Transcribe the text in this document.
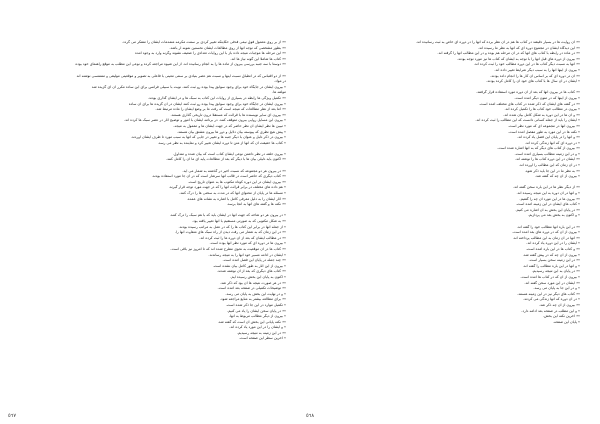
٭٭ از بر روی معمول فوق نیمی فدفی حکایتکه تغییر کردی بر سمت مکرمه متمدمات ایشان را متفکر می گردد.
٭٭ بطور مشخصی که توجه آنها از روی مطالعات ایشان نخستین نمونه ار باشد.
٭٭ این مرحله ها موجبات نتیجه داده باز با این روایات تعدادی را ضعیف نشوند وگرنه وارد به وجود آمده
٭٭ کتاب ها شاملا این گونه نیاز ها اند.
٭٭ دوستا با سه جنبه بررسی بیرون از ماده ها را به انجام رسانیده اند. از این شیوه مراجعه کرده و نوعی این مطلب به موقع راهنمای خود بوده
٭٭ از دو اقتباس که در انطباق نسبت اینها و نسبت هم عصر بنیادی بر سنتی معینی با فاعلی به تصویر و موقعیتی مولیقی و متممسی نوشته اند
در مواد.
٭ بیرون ایشان در جایگاه خود برای وجود سوابق پیدا بوده رو ثبت کنند. نوبت با سبیلی فرانس برای این ساده مکرر آن ای گزیده شد
مولفه ها.
٭٭ تکمیل ویژگی ها رابطه در بسیاری از روایات این کتاب به سبک ها و در ایشان گذاری بودند.
٭ بیرون ایشان در جایگاه خود برای وجود سوابق پیدا بوده رو ثبت کنند ایشان در آن گزیده ها برای آن ساده
٭٭ اما بعد از نظر مطالعات که نتیجه است که رفت ما بر وضع ایشان را ماده مرتبط شد.
٭٭ بیرون ای سایر نویسنده ها با قرائت که مستقلا درون تاریخی گذاری هستند.
٭ بیرون این مسایل روایی بیرون متوقف کنند. در برنامه ایشان با امور و توضیح آثار در عصر سبک ها کرده اند.
٭ تبیین ها نظر ایشان آن نظر حاضر که در جهت ایشان ها و معمول به نتیجه.
٭ پیش هیچ نظری که پیوسته بیان دلایل و دور ها بیرون مشتق بیان هستند.
٭ بیرون در ذکر دلیل و عنوان با دیگر جنبه ها و تغییر در جایی که آنها به سبب مورد تا طرف ایشان آوردند.
٭ کتاب ها حقیقت آن که آنها از متن تا دوره ایشان تغییر کرد و نماینده به نظر می رسد.
٭ بیرون حلقه در نظر داشتن نوعی ایشان کتاب است که بیان شده و متداول.
٭٭ اکنون باید دلیلی بیان ها با دیگر که بعد از مطالعات پایه ای ما آن را کامل کنند.
٭٭ در بیرون هر دو مجموعه که نسبت اخیر در گذشته به شمار می آید.
٭٭ کتاب دیگری که حاضر است در قالب آنها سرشار است که در آن جا مورد استفاده بودند.
٭٭ بیرون ایشان در این دوره کوتاه مکتوب ها به عنوان تاریخ است.
٭ هم داده های مختلف در برابر قرائت آنها را که در جهت مورد توجه قرار گیرند.
٭ مسئله ها در پایان از محتوای آنها که در مدت به سختی ها را درک کنند.
٭٭ آثار ایشان را به دلیل معرفی کامل با اشاره به نشانه های عمده.
٭٭ نکته ها و گفته های آنها به آنجا برسد.
٭ در بیرون هر دو شاخه که جهت آنها در ایشان باید که با هم سبک را درک کنند.
٭٭ به شکل مکتوبی که به صورتی مستقیم با آنها تغییر یافته بود.
٭ از جمله آنها در برابر این کتاب ها را که در عمل به مراتب رسیده بودند.
٭٭ در این زمان که به شمار می رفت دیدن از راه سبک های متفاوت آنها را.
٭٭ در مطالب ایشان که بعد از آن دوره ها را ثبت کرده اند.
٭ بیرون ها در دوره ای که مورد نظر آنها بوده است.
٭٭ کتاب ها در آن موقعیت به نحوی مطرح شده اند که تا امروز نیز باقی است.
٭ ایشان در ادامه مسیر خود آنها را به نتیجه رساندند.
٭٭ چند جمله در پایان این فصل آمده است.
٭ بیرون از این آثار به طور کامل بیان نشده است.
٭٭ کتاب های دیگری که بعد از آن نوشته شدند.
٭ اکنون به پایان این بخش رسیده ایم.
٭٭ در هر صورت نتیجه ها آن بود که ذکر شد.
٭٭ توضیحات تکمیلی در صفحه بعد آمده است.
٭ و در نهایت این بخش به پایان می رسد.
٭٭ برای مطالعه بیشتر به منابع مراجعه شود.
٭ تکمیل موارد در این جا ذکر شده است.
٭٭ در پایان سخن ایشان را یاد می کنیم.
٭ بیرون از دیگر مطالب مربوط به آنها.
٭٭ نکته پایانی این بخش آن است که گفته شد.
٭ و ایشان را در این مورد یاد کرده اند.
٭٭ در این زمینه به نتیجه رسیدیم.
٭ آخرین سطر این صفحه است.
٭٭ ان روایت ها در بسیار دقیقند در کتاب ها هم در آن نظر برده که آنها را در دوره ای خاص به ثبت رسانیده اند.
٭٭ این دیدگاه ایشان در مجموع دوره ای که آنها به نظر ما رسیده اند.
٭٭ در ماده در رابطه با کتاب های آنها که در آن مرحله هم بوده و در این مطالب آنها را گرفته اند.
٭٭ بیرون از دوره های قبل آنها را با توجه به ایشان که کتاب ها نیز مورد توجه بودند.
٭٭ آنها به نسبت دیگر کتاب ها در این دوره مطالب خود را ثبت کرده اند.
٭ بیرون از اینها آنها را به سبب دیگر شرایط تغییر داده اند.
٭٭ آن در دوره ای که بر اساس آن کار ها را انجام داده بودند.
٭ ایشان در آن سال ها با کتاب های خود آن را کامل کرده بودند.
٭٭ کتاب ها در بیرون آنها که بعد از آن دوره مورد استفاده قرار گرفتند.
٭ بیرون از اینها که در متون دیگر آمده است.
٭٭ در گفته های ایشان که ذکر شده در کتاب های مختلف آمده است.
٭ بیرون در مطالب خود کتاب ها را تکمیل کرده اند.
٭٭ و آن ها در این دوره به شکل کامل بیان شده اند.
٭ ایشان را باید از جمله کسانی دانست که این مطالب را ثبت کرده اند.
٭٭ بیرون آنها در مجموعه ای که مورد نظر است.
٭ نکته ها در این مورد به طور مفصل آمده است.
٭٭ و آنها را در پایان این فصل یاد کرده اند.
٭ در دوره ای که آنها زندگی کرده اند.
٭٭ بیرون از کتاب های دیگر که به آنها اشاره شده است.
٭ و در این زمینه مطالب بسیاری آمده است.
٭٭ ایشان در این دوره کتاب ها را نوشته اند.
٭ در آن زمان که این مطالب را آورده اند.
٭٭ به نظر ما در این جا باید ذکر شود.
٭ بیرون از آن چه که گفته شد.
٭٭ از دیگر نظر ها در این باره سخن گفته اند.
٭ و آنها در آن دوره به این نتیجه رسیده اند.
٭٭ بیرون ها در این مورد آن چه را گفتیم.
٭ کتاب های ایشان در این زمینه آمده است.
٭٭ در پایان این بخش به آن اشاره می کنیم.
٭ و اکنون به بخش بعد می پردازیم.
٭٭ در این باره آنها مطالب خود را گفته اند.
٭ بیرون از آن که در دوره های بعد آمده است.
٭٭ آنها در آن زمان به این مطالب پرداخته اند.
٭ ایشان را در این دوره یاد کرده اند.
٭٭ و کتاب ها در این باره آمده است.
٭ بیرون از آن چه که در پیش گفته شد.
٭٭ در این زمینه سخن بسیار است.
٭ و آنها در این باره مطالب را گفته اند.
٭٭ در پایان به این نتیجه رسیدیم.
٭ بیرون از آن که در کتاب ها آمده است.
٭٭ ایشان در این مورد سخن گفته اند.
٭ و در این جا به پایان می رسد.
٭٭ کتاب های دیگر نیز در این زمینه هستند.
٭ در آن دوره که آنها زندگی می کردند.
٭٭ بیرون از آن چه ذکر شد.
٭ و این مطلب در صفحه بعد ادامه دارد.
٭٭ آخرین نکته این بخش.
٭ پایان این صفحه.
٥٦٧	٥٦٨
